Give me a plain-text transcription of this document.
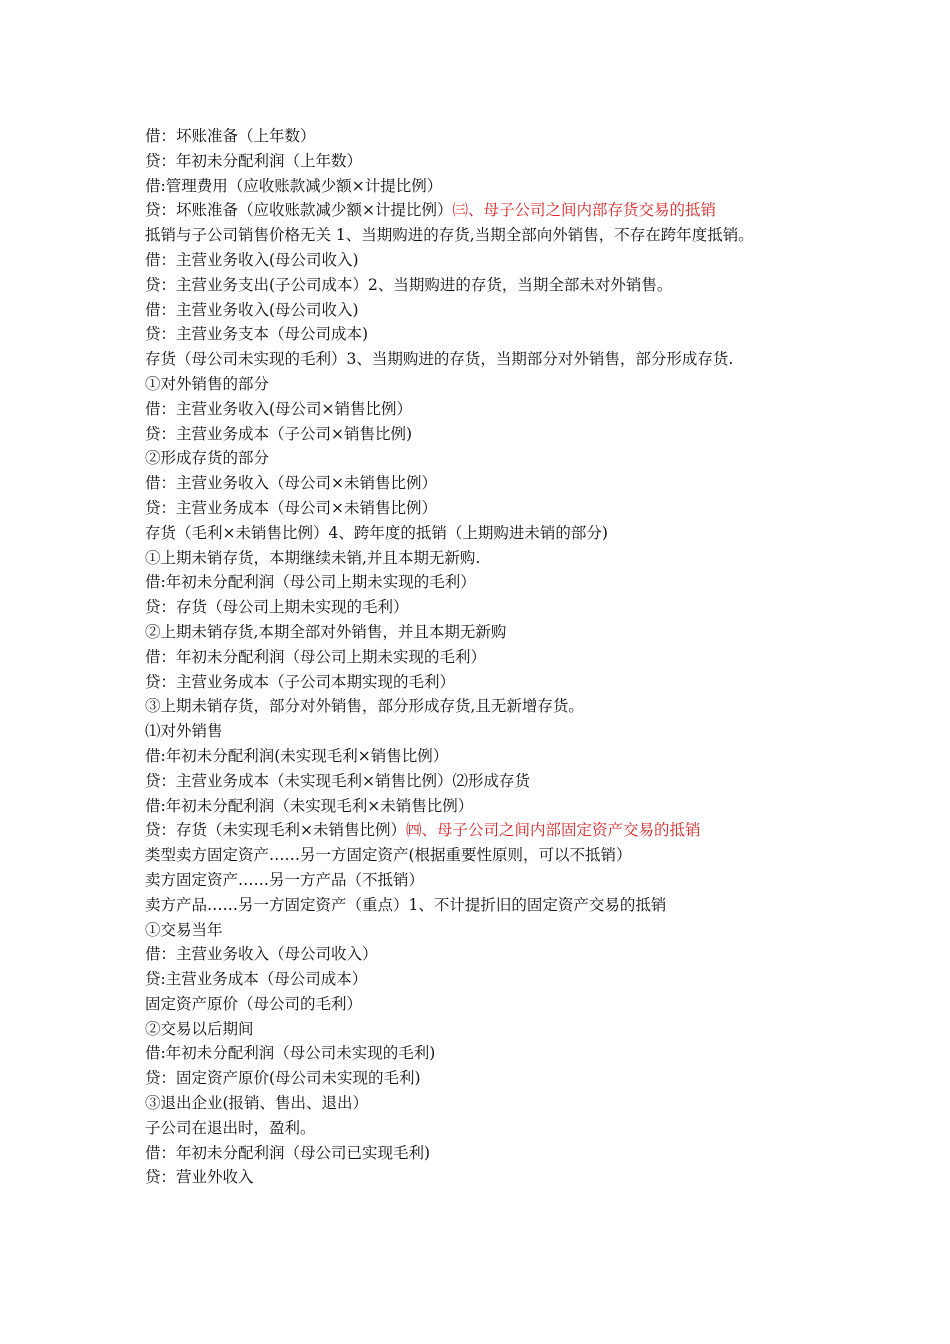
借：坏账准备（上年数）
贷：年初未分配利润（上年数）
借:管理费用（应收账款减少额×计提比例）
贷：坏账准备（应收账款减少额×计提比例）㈢、母子公司之间内部存货交易的抵销
抵销与子公司销售价格无关 1、当期购进的存货,当期全部向外销售，不存在跨年度抵销。
借：主营业务收入(母公司收入)
贷：主营业务支出(子公司成本）2、当期购进的存货，当期全部未对外销售。
借：主营业务收入(母公司收入)
贷：主营业务支本（母公司成本)
存货（母公司未实现的毛利）3、当期购进的存货，当期部分对外销售，部分形成存货.
①对外销售的部分
借：主营业务收入(母公司×销售比例）
贷：主营业务成本（子公司×销售比例)
②形成存货的部分
借：主营业务收入（母公司×未销售比例）
贷：主营业务成本（母公司×未销售比例）
存货（毛利×未销售比例）4、跨年度的抵销（上期购进未销的部分)
①上期未销存货，本期继续未销,并且本期无新购.
借:年初未分配利润（母公司上期未实现的毛利）
贷：存货（母公司上期未实现的毛利）
②上期未销存货,本期全部对外销售，并且本期无新购
借：年初未分配利润（母公司上期未实现的毛利）
贷：主营业务成本（子公司本期实现的毛利）
③上期未销存货，部分对外销售，部分形成存货,且无新增存货。
⑴对外销售
借:年初未分配利润(未实现毛利×销售比例）
贷：主营业务成本（未实现毛利×销售比例）⑵形成存货
借:年初未分配利润（未实现毛利×未销售比例）
贷：存货（未实现毛利×未销售比例）㈣、母子公司之间内部固定资产交易的抵销
类型卖方固定资产……另一方固定资产(根据重要性原则，可以不抵销）
卖方固定资产……另一方产品（不抵销）
卖方产品……另一方固定资产（重点）1、不计提折旧的固定资产交易的抵销
①交易当年
借：主营业务收入（母公司收入）
贷:主营业务成本（母公司成本）
固定资产原价（母公司的毛利）
②交易以后期间
借:年初未分配利润（母公司未实现的毛利)
贷：固定资产原价(母公司未实现的毛利)
③退出企业(报销、售出、退出）
子公司在退出时，盈利。
借：年初未分配利润（母公司已实现毛利)
贷：营业外收入
